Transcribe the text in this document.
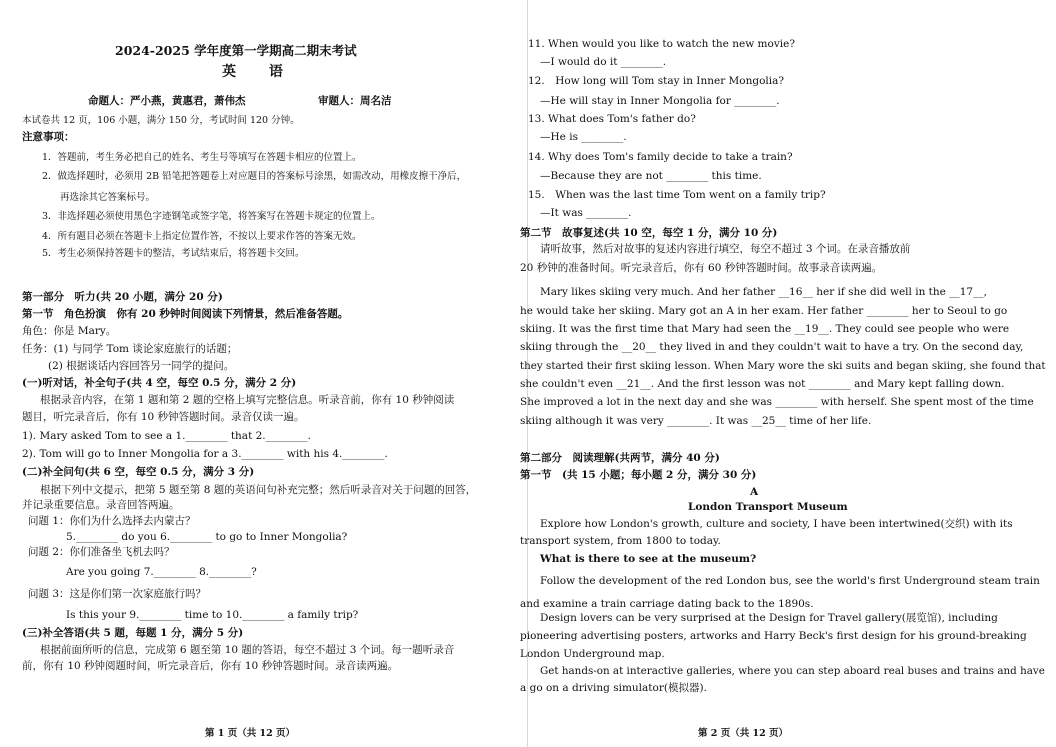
2024-2025 学年度第一学期高二期末考试
英 语
命题人：严小燕，黄惠君，萧伟杰	审题人：周名洁
本试卷共 12 页，106 小题，满分 150 分，考试时间 120 分钟。
注意事项：
1．答题前，考生务必把自己的姓名、考生号等填写在答题卡相应的位置上。
2．做选择题时，必须用 2B 铅笔把答题卷上对应题目的答案标号涂黑，如需改动，用橡皮擦干净后，
再选涂其它答案标号。
3．非选择题必须使用黑色字迹钢笔或签字笔，将答案写在答题卡规定的位置上。
4．所有题目必须在答题卡上指定位置作答，不按以上要求作答的答案无效。
5．考生必须保持答题卡的整洁，考试结束后，将答题卡交回。
第一部分　听力(共 20 小题，满分 20 分)
第一节　角色扮演　你有 20 秒钟时间阅读下列情景，然后准备答题。
角色：你是 Mary。
任务：(1) 与同学 Tom 谈论家庭旅行的话题；
(2) 根据谈话内容回答另一同学的提问。
(一)听对话，补全句子(共 4 空，每空 0.5 分，满分 2 分)
根据录音内容，在第 1 题和第 2 题的空格上填写完整信息。听录音前，你有 10 秒钟阅读
题目，听完录音后，你有 10 秒钟答题时间。录音仅读一遍。
1). Mary asked Tom to see a 1.________ that 2.________.
2). Tom will go to Inner Mongolia for a 3.________ with his 4.________.
(二)补全问句(共 6 空，每空 0.5 分，满分 3 分)
根据下列中文提示，把第 5 题至第 8 题的英语问句补充完整；然后听录音对关于问题的回答，
并记录重要信息。录音回答两遍。
问题 1：你们为什么选择去内蒙古？
5.________ do you 6.________ to go to Inner Mongolia?
问题 2：你们准备坐飞机去吗？
Are you going 7.________ 8.________?
问题 3：这是你们第一次家庭旅行吗？
Is this your 9.________ time to 10.________ a family trip?
(三)补全答语(共 5 题，每题 1 分，满分 5 分)
根据前面所听的信息，完成第 6 题至第 10 题的答语，每空不超过 3 个词。每一题听录音
前，你有 10 秒钟阅题时间，听完录音后，你有 10 秒钟答题时间。录音读两遍。
第 1 页（共 12 页）
11. When would you like to watch the new movie?
—I would do it ________.
12.　How long will Tom stay in Inner Mongolia?
—He will stay in Inner Mongolia for ________.
13. What does Tom's father do?
—He is ________.
14. Why does Tom's family decide to take a train?
—Because they are not ________ this time.
15.　When was the last time Tom went on a family trip?
—It was ________.
第二节　故事复述(共 10 空，每空 1 分，满分 10 分)
请听故事，然后对故事的复述内容进行填空，每空不超过 3 个词。在录音播放前
20 秒钟的准备时间。听完录音后，你有 60 秒钟答题时间。故事录音读两遍。
Mary likes skiing very much. And her father __16__ her if she did well in the __17__,
he would take her skiing. Mary got an A in her exam. Her father ________ her to Seoul to go
skiing. It was the first time that Mary had seen the __19__. They could see people who were
skiing through the __20__ they lived in and they couldn't wait to have a try. On the second day,
they started their first skiing lesson. When Mary wore the ski suits and began skiing, she found that
she couldn't even __21__. And the first lesson was not ________ and Mary kept falling down.
She improved a lot in the next day and she was ________ with herself. She spent most of the time
skiing although it was very ________. It was __25__ time of her life.
第二部分　阅读理解(共两节，满分 40 分)
第一节　(共 15 小题；每小题 2 分，满分 30 分)
A
London Transport Museum
Explore how London's growth, culture and society, I have been intertwined(交织) with its
transport system, from 1800 to today.
What is there to see at the museum?
Follow the development of the red London bus, see the world's first Underground steam train
and examine a train carriage dating back to the 1890s.
Design lovers can be very surprised at the Design for Travel gallery(展览馆), including
pioneering advertising posters, artworks and Harry Beck's first design for his ground-breaking
London Underground map.
Get hands-on at interactive galleries, where you can step aboard real buses and trains and have
a go on a driving simulator(模拟器).
第 2 页（共 12 页）
